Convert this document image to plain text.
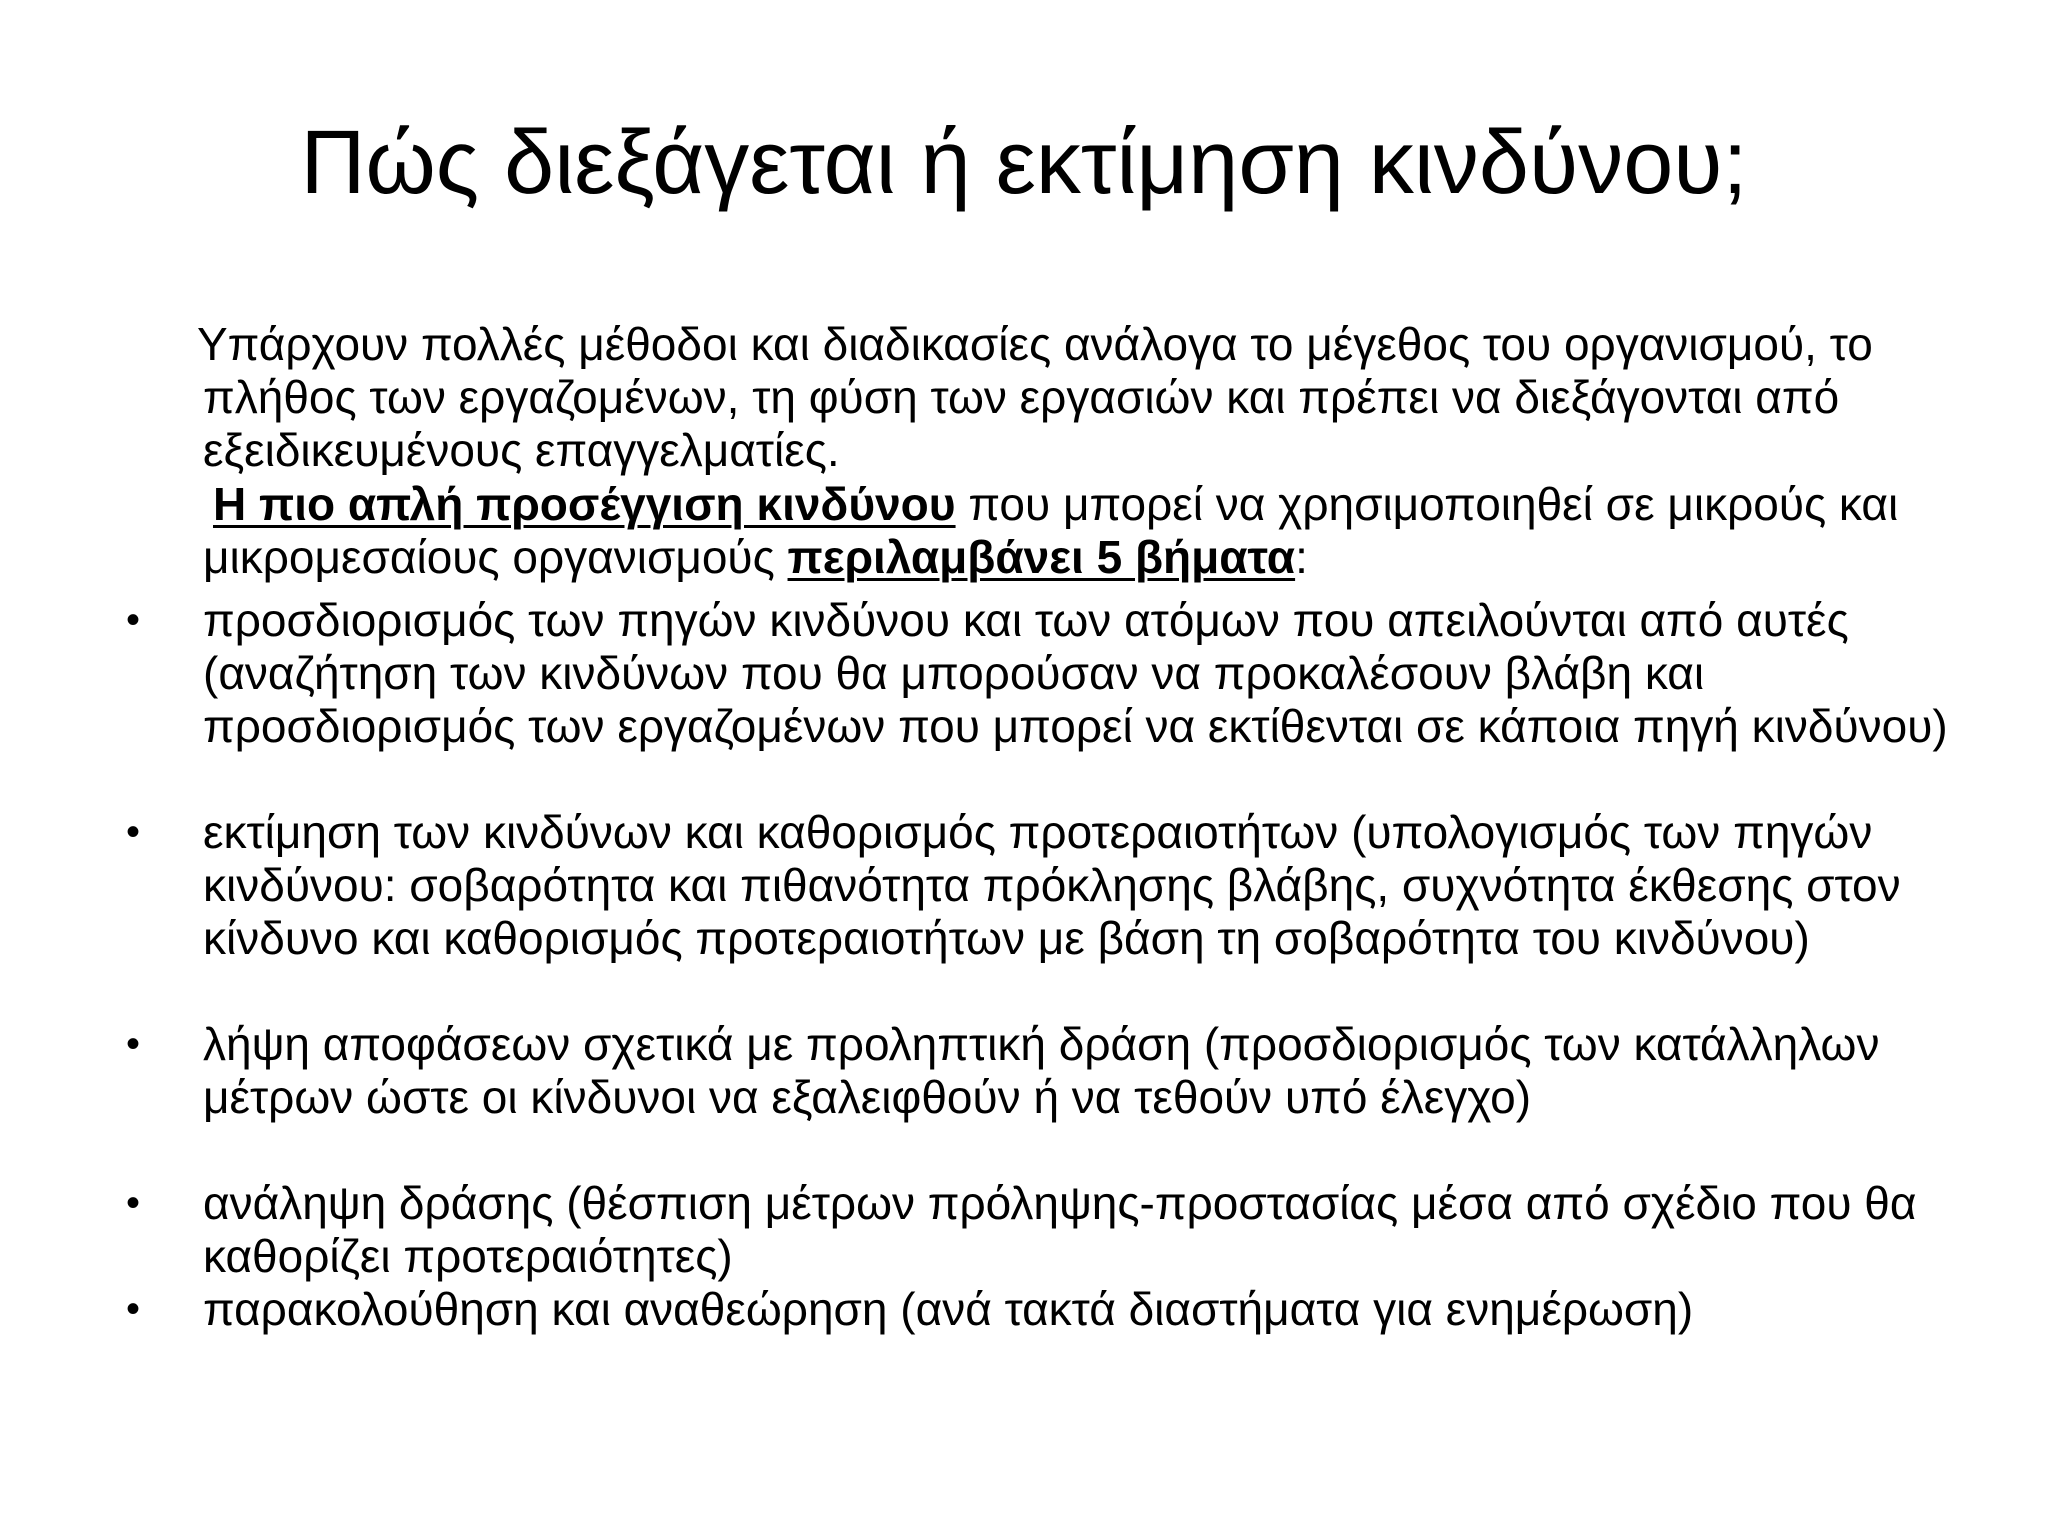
Πώς διεξάγεται ή εκτίμηση κινδύνου;

Υπάρχουν πολλές μέθοδοι και διαδικασίες ανάλογα το μέγεθος του οργανισμού, το πλήθος των εργαζομένων, τη φύση των εργασιών και πρέπει να διεξάγονται από εξειδικευμένους επαγγελματίες.

Η πιο απλή προσέγγιση κινδύνου που μπορεί να χρησιμοποιηθεί σε μικρούς και μικρομεσαίους οργανισμούς περιλαμβάνει 5 βήματα:

• προσδιορισμός των πηγών κινδύνου και των ατόμων που απειλούνται από αυτές (αναζήτηση των κινδύνων που θα μπορούσαν να προκαλέσουν βλάβη και προσδιορισμός των εργαζομένων που μπορεί να εκτίθενται σε κάποια πηγή κινδύνου)
• εκτίμηση των κινδύνων και καθορισμός προτεραιοτήτων (υπολογισμός των πηγών κινδύνου: σοβαρότητα και πιθανότητα πρόκλησης βλάβης, συχνότητα έκθεσης στον κίνδυνο και καθορισμός προτεραιοτήτων με βάση τη σοβαρότητα του κινδύνου)
• λήψη αποφάσεων σχετικά με προληπτική δράση (προσδιορισμός των κατάλληλων μέτρων ώστε οι κίνδυνοι να εξαλειφθούν ή να τεθούν υπό έλεγχο)
• ανάληψη δράσης (θέσπιση μέτρων πρόληψης-προστασίας μέσα από σχέδιο που θα καθορίζει προτεραιότητες)
• παρακολούθηση και αναθεώρηση (ανά τακτά διαστήματα για ενημέρωση)
